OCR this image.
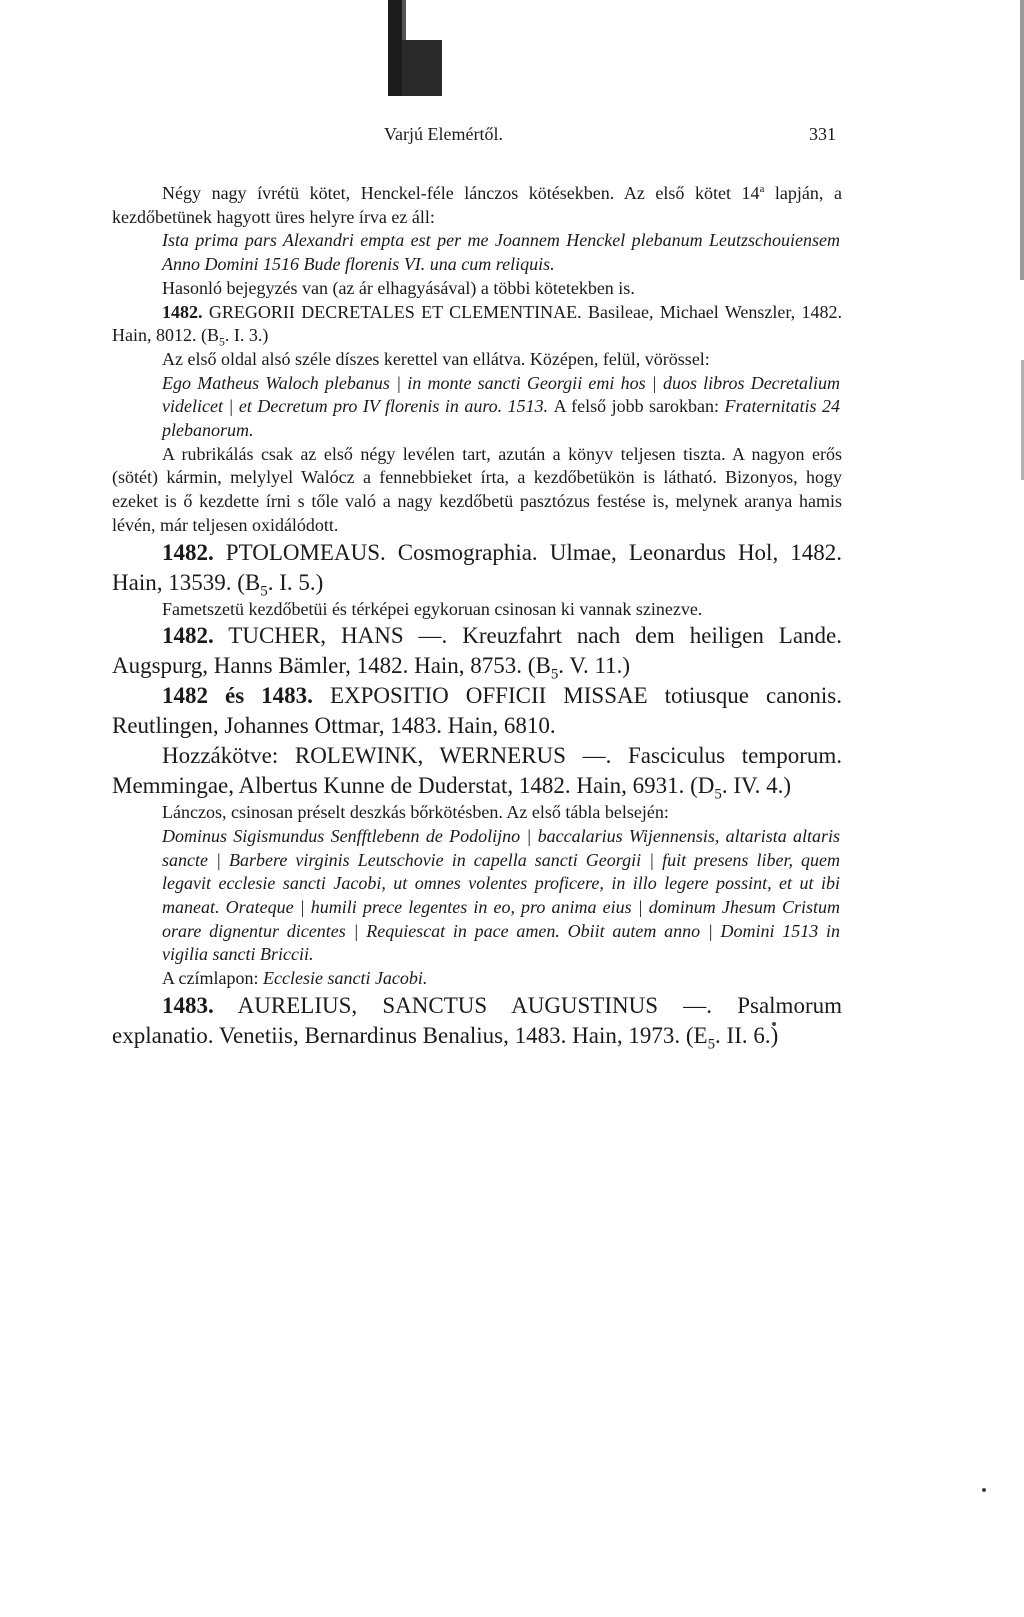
Varjú Elemértől.	331

Négy nagy ívrétü kötet, Henckel-féle lánczos kötésekben. Az első kötet 14$^a$ lapján, a kezdőbetünek hagyott üres helyre írva ez áll:

Ista prima pars Alexandri empta est per me Joannem Henckel plebanum Leutzschouiensem Anno Domini 1516 Bude florenis VI. una cum reliquis.

Hasonló bejegyzés van (az ár elhagyásával) a többi kötetekben is.

1482. GREGORII DECRETALES ET CLEMENTINAE. Basileae, Michael Wenszler, 1482. Hain, 8012. ($B_5$. I. 3.)

Az első oldal alsó széle díszes kerettel van ellátva. Középen, felül, vörössel:

Ego Matheus Waloch plebanus | in monte sancti Georgii emi hos | duos libros Decretalium videlicet | et Decretum pro IV florenis in auro. 1513. A felső jobb sarokban: Fraternitatis 24 plebanorum.

A rubrikálás csak az első négy levélen tart, azután a könyv teljesen tiszta. A nagyon erős (sötét) kármin, melylyel Walócz a fennebbieket írta, a kezdőbetükön is látható. Bizonyos, hogy ezeket is ő kezdette írni s tőle való a nagy kezdőbetü pasztózus festése is, melynek aranya hamis lévén, már teljesen oxidálódott.

1482. PTOLOMEAUS. Cosmographia. Ulmae, Leonardus Hol, 1482. Hain, 13539. ($B_5$. I. 5.)

Fametszetü kezdőbetüi és térképei egykoruan csinosan ki vannak szinezve.

1482. TUCHER, HANS —. Kreuzfahrt nach dem heiligen Lande. Augspurg, Hanns Bämler, 1482. Hain, 8753. ($B_5$. V. 11.)

1482 és 1483. EXPOSITIO OFFICII MISSAE totiusque canonis. Reutlingen, Johannes Ottmar, 1483. Hain, 6810.

Hozzákötve: ROLEWINK, WERNERUS —. Fasciculus temporum. Memmingae, Albertus Kunne de Duderstat, 1482. Hain, 6931. ($D_5$. IV. 4.)

Lánczos, csinosan préselt deszkás bőrkötésben. Az első tábla belsején:

Dominus Sigismundus Senfftlebenn de Podolijno | baccalarius Wijennensis, altarista altaris sancte | Barbere virginis Leutschovie in capella sancti Georgii | fuit presens liber, quem legavit ecclesie sancti Jacobi, ut omnes volentes proficere, in illo legere possint, et ut ibi maneat. Orateque | humili prece legentes in eo, pro anima eius | dominum Jhesum Cristum orare dignentur dicentes | Requiescat in pace amen. Obiit autem anno | Domini 1513 in vigilia sancti Briccii.

A czímlapon: Ecclesie sancti Jacobi.

1483. AURELIUS, SANCTUS AUGUSTINUS —. Psalmorum explanatio. Venetiis, Bernardinus Benalius, 1483. Hain, 1973. ($E_5$. II. 6.)
